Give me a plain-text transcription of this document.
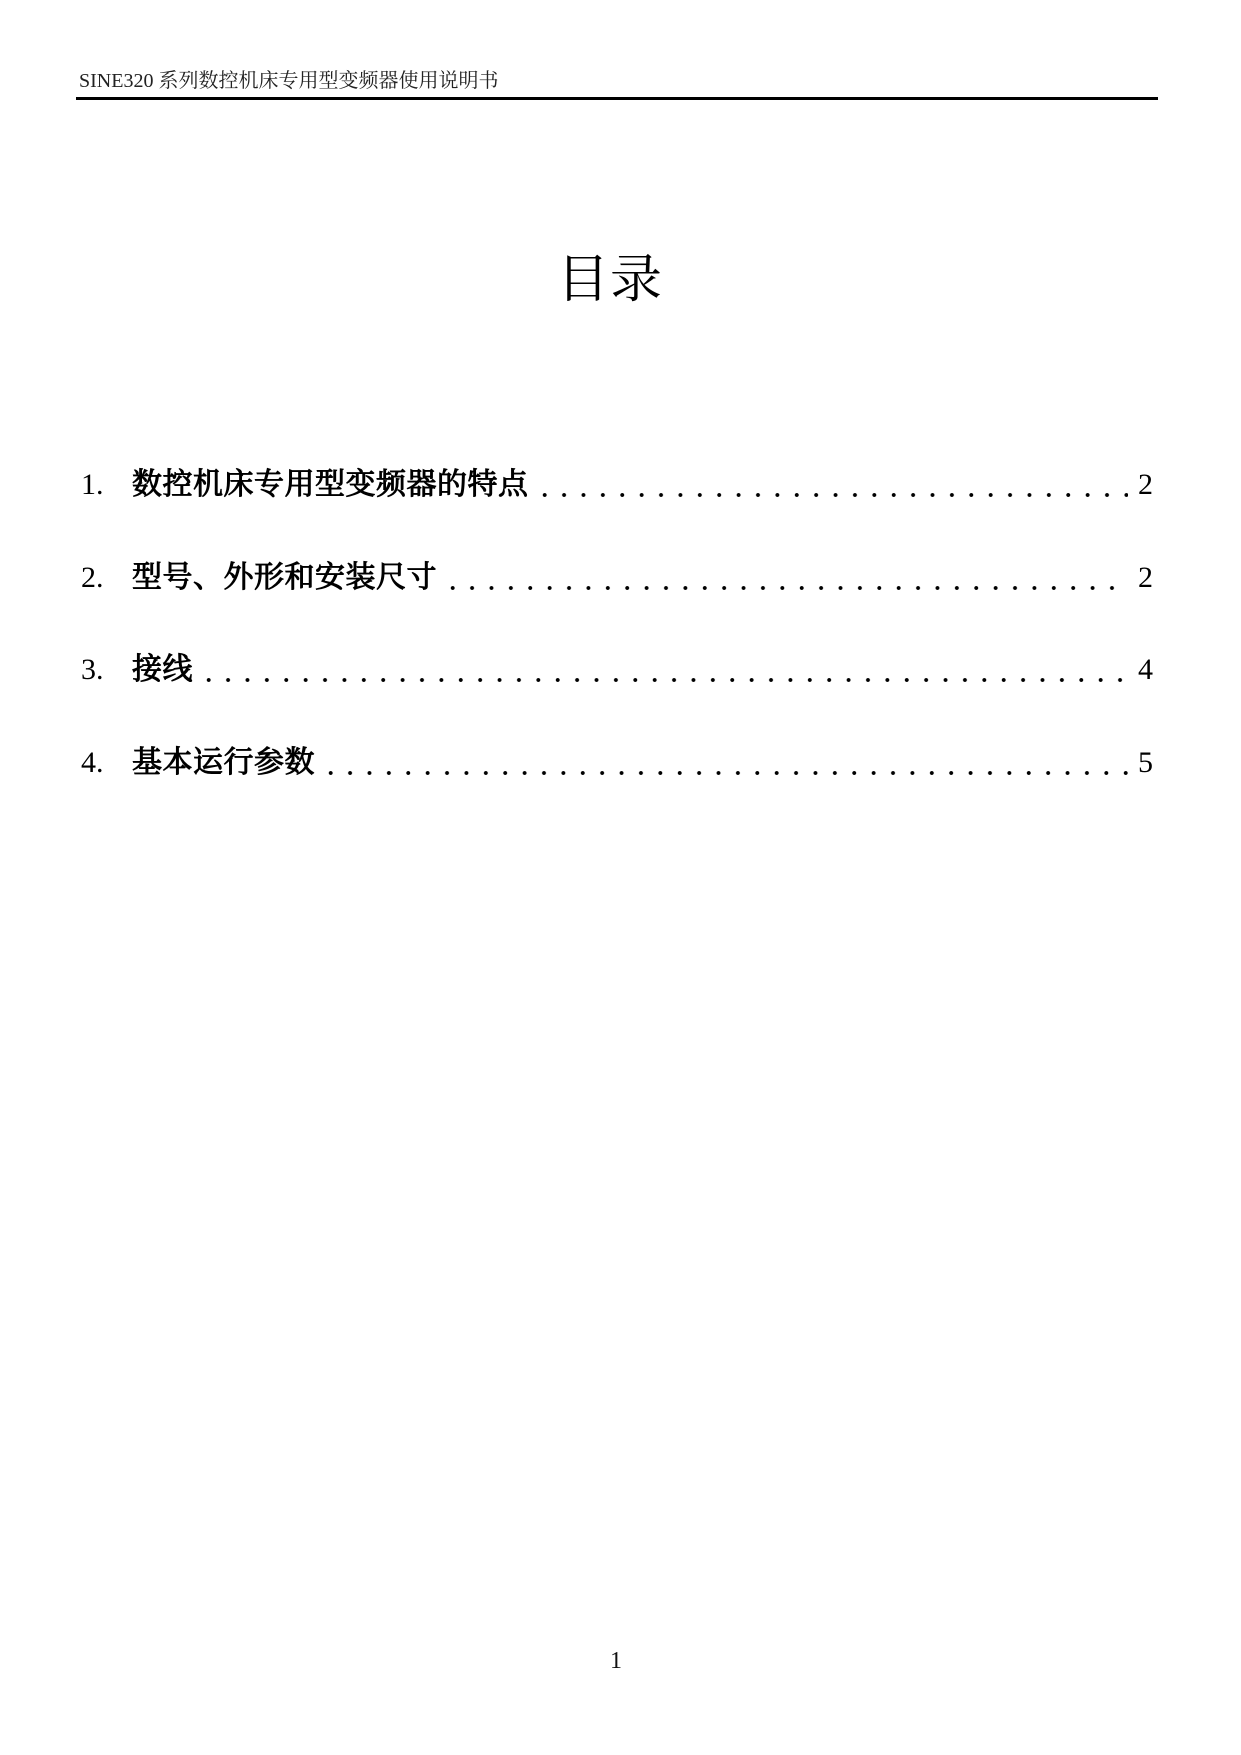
SINE320 系列数控机床专用型变频器使用说明书
目录
1. 数控机床专用型变频器的特点	2
2. 型号、外形和安装尺寸	2
3. 接线	4
4. 基本运行参数	5
1
